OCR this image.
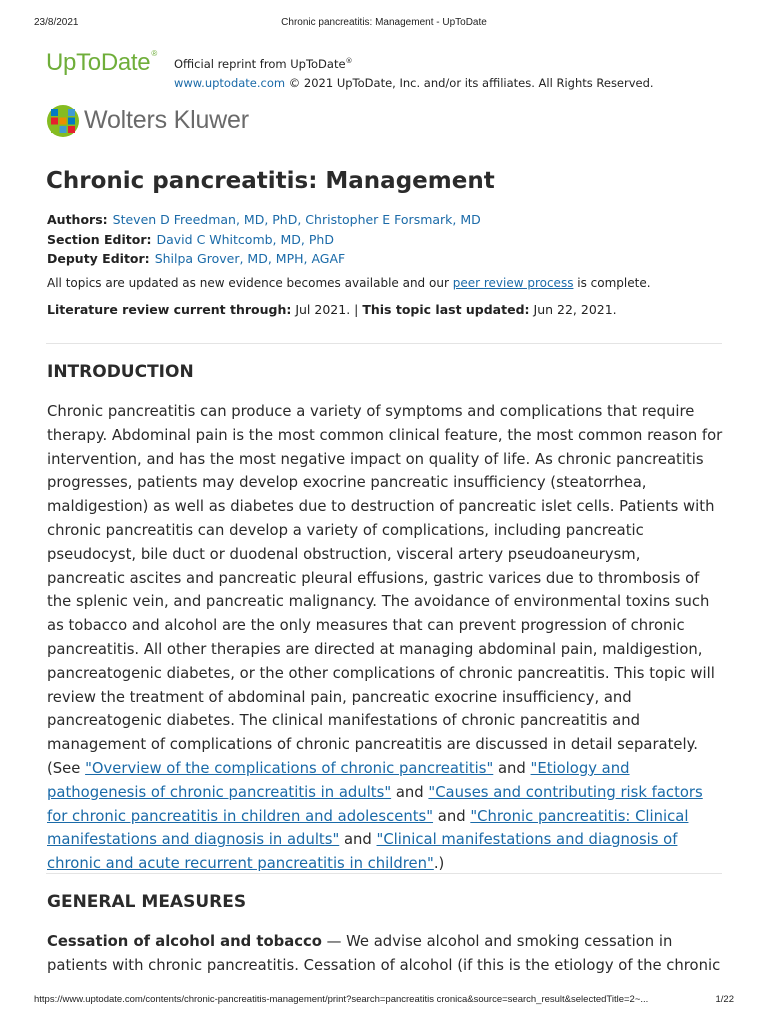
23/8/2021	Chronic pancreatitis: Management - UpToDate
UpToDate®
Official reprint from UpToDate®
www.uptodate.com © 2021 UpToDate, Inc. and/or its affiliates. All Rights Reserved.
Wolters Kluwer
Chronic pancreatitis: Management
Authors: Steven D Freedman, MD, PhD, Christopher E Forsmark, MD
Section Editor: David C Whitcomb, MD, PhD
Deputy Editor: Shilpa Grover, MD, MPH, AGAF
All topics are updated as new evidence becomes available and our peer review process is complete.
Literature review current through: Jul 2021. | This topic last updated: Jun 22, 2021.
INTRODUCTION
Chronic pancreatitis can produce a variety of symptoms and complications that require therapy. Abdominal pain is the most common clinical feature, the most common reason for intervention, and has the most negative impact on quality of life. As chronic pancreatitis progresses, patients may develop exocrine pancreatic insufficiency (steatorrhea, maldigestion) as well as diabetes due to destruction of pancreatic islet cells. Patients with chronic pancreatitis can develop a variety of complications, including pancreatic pseudocyst, bile duct or duodenal obstruction, visceral artery pseudoaneurysm, pancreatic ascites and pancreatic pleural effusions, gastric varices due to thrombosis of the splenic vein, and pancreatic malignancy. The avoidance of environmental toxins such as tobacco and alcohol are the only measures that can prevent progression of chronic pancreatitis. All other therapies are directed at managing abdominal pain, maldigestion, pancreatogenic diabetes, or the other complications of chronic pancreatitis. This topic will review the treatment of abdominal pain, pancreatic exocrine insufficiency, and pancreatogenic diabetes. The clinical manifestations of chronic pancreatitis and management of complications of chronic pancreatitis are discussed in detail separately. (See "Overview of the complications of chronic pancreatitis" and "Etiology and pathogenesis of chronic pancreatitis in adults" and "Causes and contributing risk factors for chronic pancreatitis in children and adolescents" and "Chronic pancreatitis: Clinical manifestations and diagnosis in adults" and "Clinical manifestations and diagnosis of chronic and acute recurrent pancreatitis in children".)
GENERAL MEASURES
Cessation of alcohol and tobacco — We advise alcohol and smoking cessation in patients with chronic pancreatitis. Cessation of alcohol (if this is the etiology of the chronic
https://www.uptodate.com/contents/chronic-pancreatitis-management/print?search=pancreatitis cronica&source=search_result&selectedTitle=2~...	1/22
